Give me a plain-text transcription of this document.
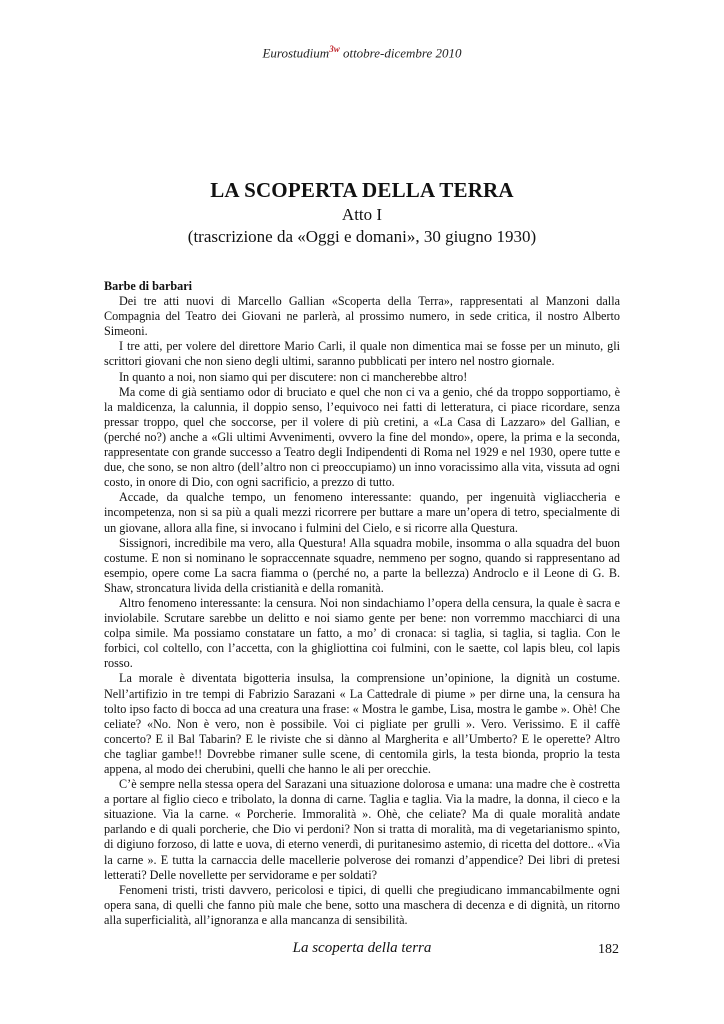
Eurostudium$^{3w}$ ottobre-dicembre 2010
LA SCOPERTA DELLA TERRA
Atto I
(trascrizione da «Oggi e domani», 30 giugno 1930)
Barbe di barbari

Dei tre atti nuovi di Marcello Gallian «Scoperta della Terra», rappresentati al Manzoni dalla Compagnia del Teatro dei Giovani ne parlerà, al prossimo numero, in sede critica, il nostro Alberto Simeoni.

I tre atti, per volere del direttore Mario Carli, il quale non dimentica mai se fosse per un minuto, gli scrittori giovani che non sieno degli ultimi, saranno pubblicati per intero nel nostro giornale.

In quanto a noi, non siamo qui per discutere: non ci mancherebbe altro!

Ma come di già sentiamo odor di bruciato e quel che non ci va a genio, ché da troppo sopportiamo, è la maldicenza, la calunnia, il doppio senso, l’equivoco nei fatti di letteratura, ci piace ricordare, senza pressar troppo, quel che soccorse, per il volere di più cretini, a «La Casa di Lazzaro» del Gallian, e (perché no?) anche a «Gli ultimi Avvenimenti, ovvero la fine del mondo», opere, la prima e la seconda, rappresentate con grande successo a Teatro degli Indipendenti di Roma nel 1929 e nel 1930, opere tutte e due, che sono, se non altro (dell’altro non ci preoccupiamo) un inno voracissimo alla vita, vissuta ad ogni costo, in onore di Dio, con ogni sacrificio, a prezzo di tutto.

Accade, da qualche tempo, un fenomeno interessante: quando, per ingenuità vigliaccheria e incompetenza, non si sa più a quali mezzi ricorrere per buttare a mare un’opera di tetro, specialmente di un giovane, allora alla fine, si invocano i fulmini del Cielo, e si ricorre alla Questura.

Sissignori, incredibile ma vero, alla Questura! Alla squadra mobile, insomma o alla squadra del buon costume. E non si nominano le sopraccennate squadre, nemmeno per sogno, quando si rappresentano ad esempio, opere come La sacra fiamma o (perché no, a parte la bellezza) Androclo e il Leone di G. B. Shaw, stroncatura livida della cristianità e della romanità.

Altro fenomeno interessante: la censura. Noi non sindachiamo l’opera della censura, la quale è sacra e inviolabile. Scrutare sarebbe un delitto e noi siamo gente per bene: non vorremmo macchiarci di una colpa simile. Ma possiamo constatare un fatto, a mo’ di cronaca: si taglia, si taglia, si taglia. Con le forbici, col coltello, con l’accetta, con la ghigliottina coi fulmini, con le saette, col lapis bleu, col lapis rosso.

La morale è diventata bigotteria insulsa, la comprensione un’opinione, la dignità un costume. Nell’artifizio in tre tempi di Fabrizio Sarazani « La Cattedrale di piume » per dirne una, la censura ha tolto ipso facto di bocca ad una creatura una frase: « Mostra le gambe, Lisa, mostra le gambe ». Ohè! Che celiate? «No. Non è vero, non è possibile. Voi ci pigliate per grulli ». Vero. Verissimo. E il caffè concerto? E il Bal Tabarin? E le riviste che si dànno al Margherita e all’Umberto? E le operette? Altro che tagliar gambe!! Dovrebbe rimaner sulle scene, di centomila girls, la testa bionda, proprio la testa appena, al modo dei cherubini, quelli che hanno le ali per orecchie.

C’è sempre nella stessa opera del Sarazani una situazione dolorosa e umana: una madre che è costretta a portare al figlio cieco e tribolato, la donna di carne. Taglia e taglia. Via la madre, la donna, il cieco e la situazione. Via la carne. « Porcherie. Immoralità ». Ohè, che celiate? Ma di quale moralità andate parlando e di quali porcherie, che Dio vi perdoni? Non si tratta di moralità, ma di vegetarianismo spinto, di digiuno forzoso, di latte e uova, di eterno venerdì, di puritanesimo astemio, di ricetta del dottore.. «Via la carne ». E tutta la carnaccia delle macellerie polverose dei romanzi d’appendice? Dei libri di pretesi letterati? Delle novellette per servidorame e per soldati?

Fenomeni tristi, tristi davvero, pericolosi e tipici, di quelli che pregiudicano immancabilmente ogni opera sana, di quelli che fanno più male che bene, sotto una maschera di decenza e di dignità, un ritorno alla superficialità, all’ignoranza e alla mancanza di sensibilità.

La scoperta della terra	182
